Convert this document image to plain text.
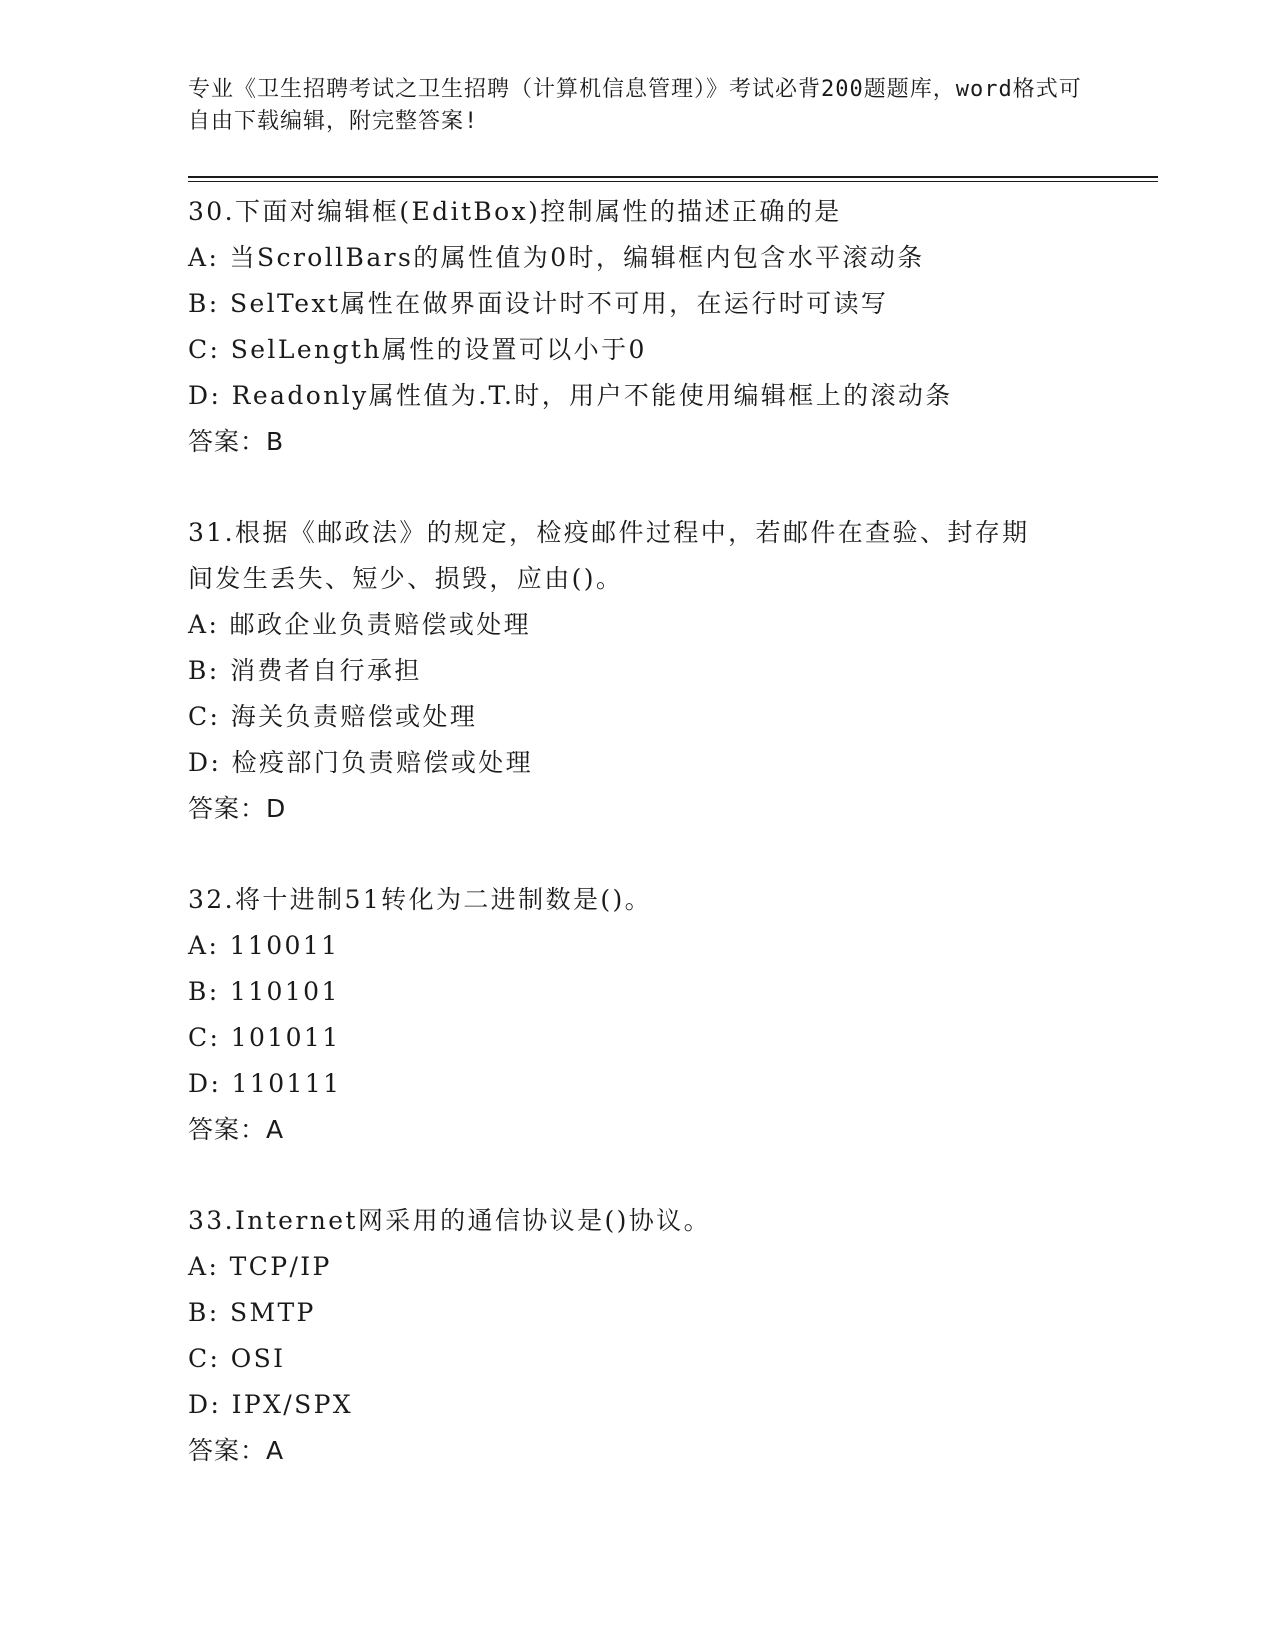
专业《卫生招聘考试之卫生招聘（计算机信息管理）》考试必背200题题库，word格式可自由下载编辑，附完整答案!
30.下面对编辑框(EditBox)控制属性的描述正确的是
A: 当ScrollBars的属性值为0时，编辑框内包含水平滚动条
B: SelText属性在做界面设计时不可用，在运行时可读写
C: SelLength属性的设置可以小于0
D: Readonly属性值为.T.时，用户不能使用编辑框上的滚动条
答案：B
31.根据《邮政法》的规定，检疫邮件过程中，若邮件在查验、封存期间发生丢失、短少、损毁，应由()。
A: 邮政企业负责赔偿或处理
B: 消费者自行承担
C: 海关负责赔偿或处理
D: 检疫部门负责赔偿或处理
答案：D
32.将十进制51转化为二进制数是()。
A: 110011
B: 110101
C: 101011
D: 110111
答案：A
33.Internet网采用的通信协议是()协议。
A: TCP/IP
B: SMTP
C: OSI
D: IPX/SPX
答案：A
